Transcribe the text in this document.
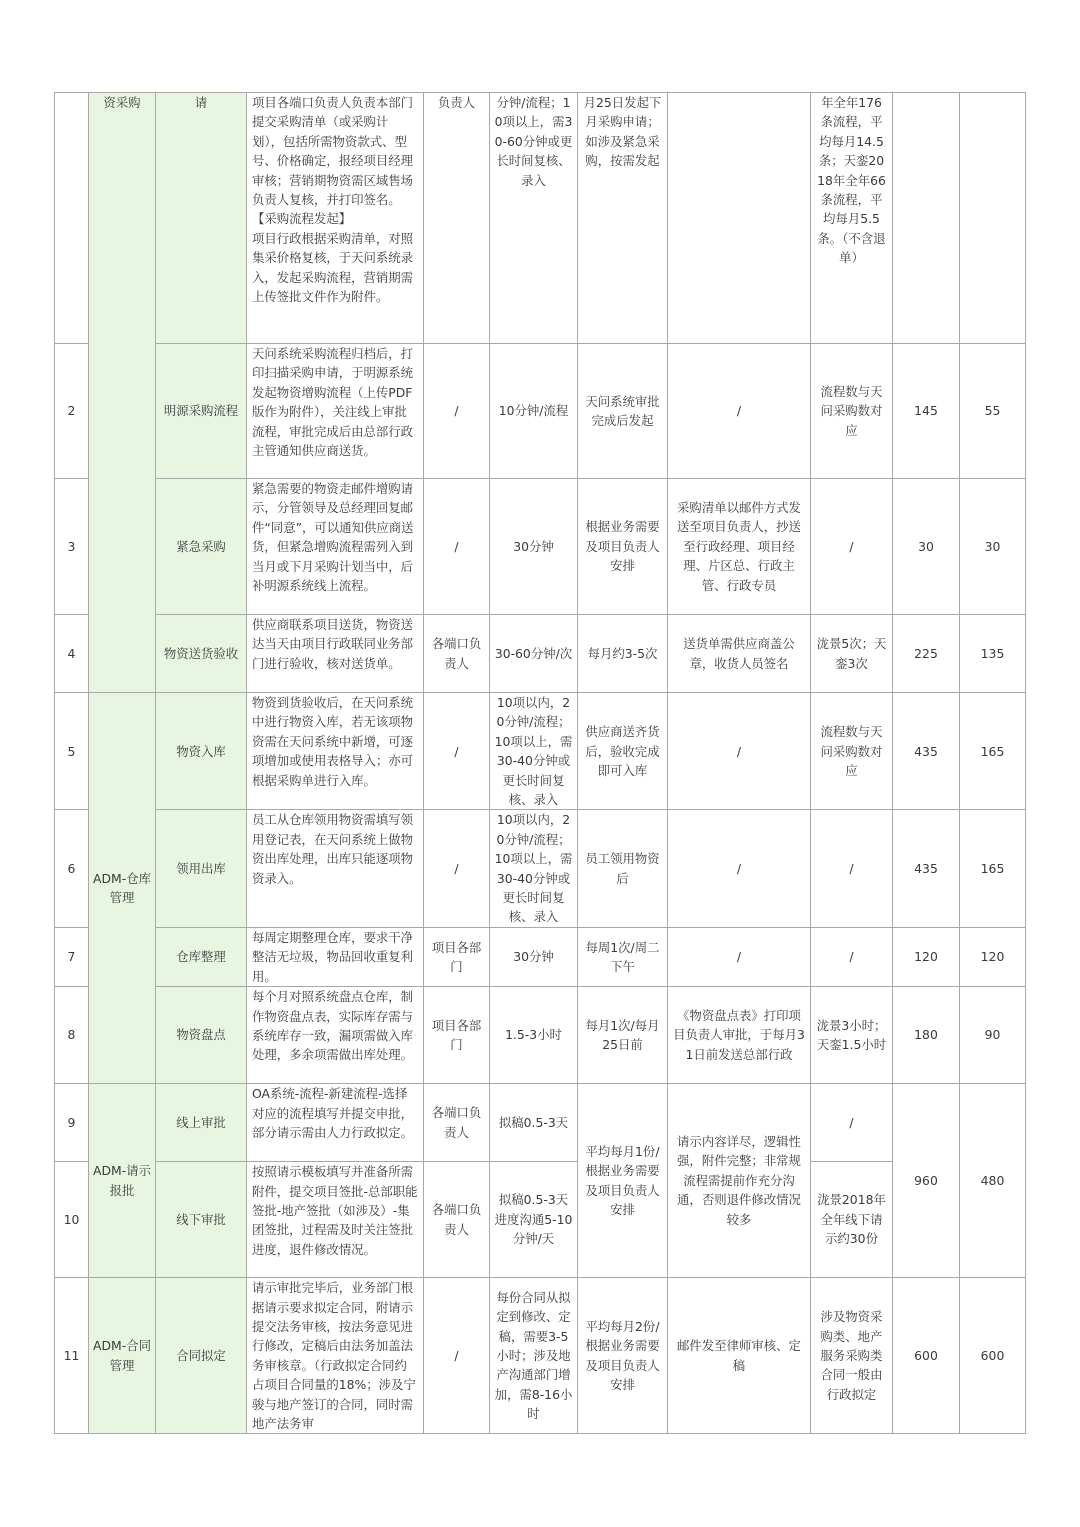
	资采购	请	项目各端口负责人负责本部门提交采购清单（或采购计划），包括所需物资款式、型号、价格确定，报经项目经理审核；营销期物资需区域售场负责人复核，并打印签名。
【采购流程发起】
项目行政根据采购清单，对照集采价格复核，于天问系统录入，发起采购流程，营销期需上传签批文件作为附件。	负责人	分钟/流程；10项以上，需30-60分钟或更长时间复核、录入	月25日发起下月采购申请；如涉及紧急采购，按需发起		年全年176条流程，平均每月14.5条；天銮2018年全年66条流程，平均每月5.5条。（不含退单）		
2		明源采购流程	天问系统采购流程归档后，打印扫描采购申请，于明源系统发起物资增购流程（上传PDF版作为附件），关注线上审批流程，审批完成后由总部行政主管通知供应商送货。	/	10分钟/流程	天问系统审批完成后发起	/	流程数与天问采购数对应	145	55
3		紧急采购	紧急需要的物资走邮件增购请示，分管领导及总经理回复邮件“同意”，可以通知供应商送货，但紧急增购流程需列入到当月或下月采购计划当中，后补明源系统线上流程。	/	30分钟	根据业务需要及项目负责人安排	采购清单以邮件方式发送至项目负责人，抄送至行政经理、项目经理、片区总、行政主管、行政专员	/	30	30
4		物资送货验收	供应商联系项目送货，物资送达当天由项目行政联同业务部门进行验收，核对送货单。	各端口负责人	30-60分钟/次	每月约3-5次	送货单需供应商盖公章，收货人员签名	泷景5次；天銮3次	225	135
5	ADM-仓库管理	物资入库	物资到货验收后，在天问系统中进行物资入库，若无该项物资需在天问系统中新增，可逐项增加或使用表格导入；亦可根据采购单进行入库。	/	10项以内，20分钟/流程；10项以上，需30-40分钟或更长时间复核、录入	供应商送齐货后，验收完成即可入库	/	流程数与天问采购数对应	435	165
6		领用出库	员工从仓库领用物资需填写领用登记表，在天问系统上做物资出库处理，出库只能逐项物资录入。	/	10项以内，20分钟/流程；10项以上，需30-40分钟或更长时间复核、录入	员工领用物资后	/	/	435	165
7		仓库整理	每周定期整理仓库，要求干净整洁无垃圾，物品回收重复利用。	项目各部门	30分钟	每周1次/周二下午	/	/	120	120
8		物资盘点	每个月对照系统盘点仓库，制作物资盘点表，实际库存需与系统库存一致，漏项需做入库处理，多余项需做出库处理。	项目各部门	1.5-3小时	每月1次/每月25日前	《物资盘点表》打印项目负责人审批，于每月31日前发送总部行政	泷景3小时；天銮1.5小时	180	90
9	ADM-请示报批	线上审批	OA系统-流程-新建流程-选择对应的流程填写并提交申批，部分请示需由人力行政拟定。	各端口负责人	拟稿0.5-3天	平均每月1份/根据业务需要及项目负责人安排	请示内容详尽，逻辑性强，附件完整；非常规流程需提前作充分沟通，否则退件修改情况较多	/	960	480
10		线下审批	按照请示模板填写并准备所需附件，提交项目签批-总部职能签批-地产签批（如涉及）-集团签批，过程需及时关注签批进度，退件修改情况。	各端口负责人	拟稿0.5-3天进度沟通5-10分钟/天			泷景2018年全年线下请示约30份		
11	ADM-合同管理	合同拟定	请示审批完毕后，业务部门根据请示要求拟定合同，附请示提交法务审核，按法务意见进行修改，定稿后由法务加盖法务审核章。（行政拟定合同约占项目合同量的18%；涉及宁骏与地产签订的合同，同时需地产法务审	/	每份合同从拟定到修改、定稿，需要3-5小时；涉及地产沟通部门增加，需8-16小时	平均每月2份/根据业务需要及项目负责人安排	邮件发至律师审核、定稿	涉及物资采购类、地产服务采购类合同一般由行政拟定	600	600
